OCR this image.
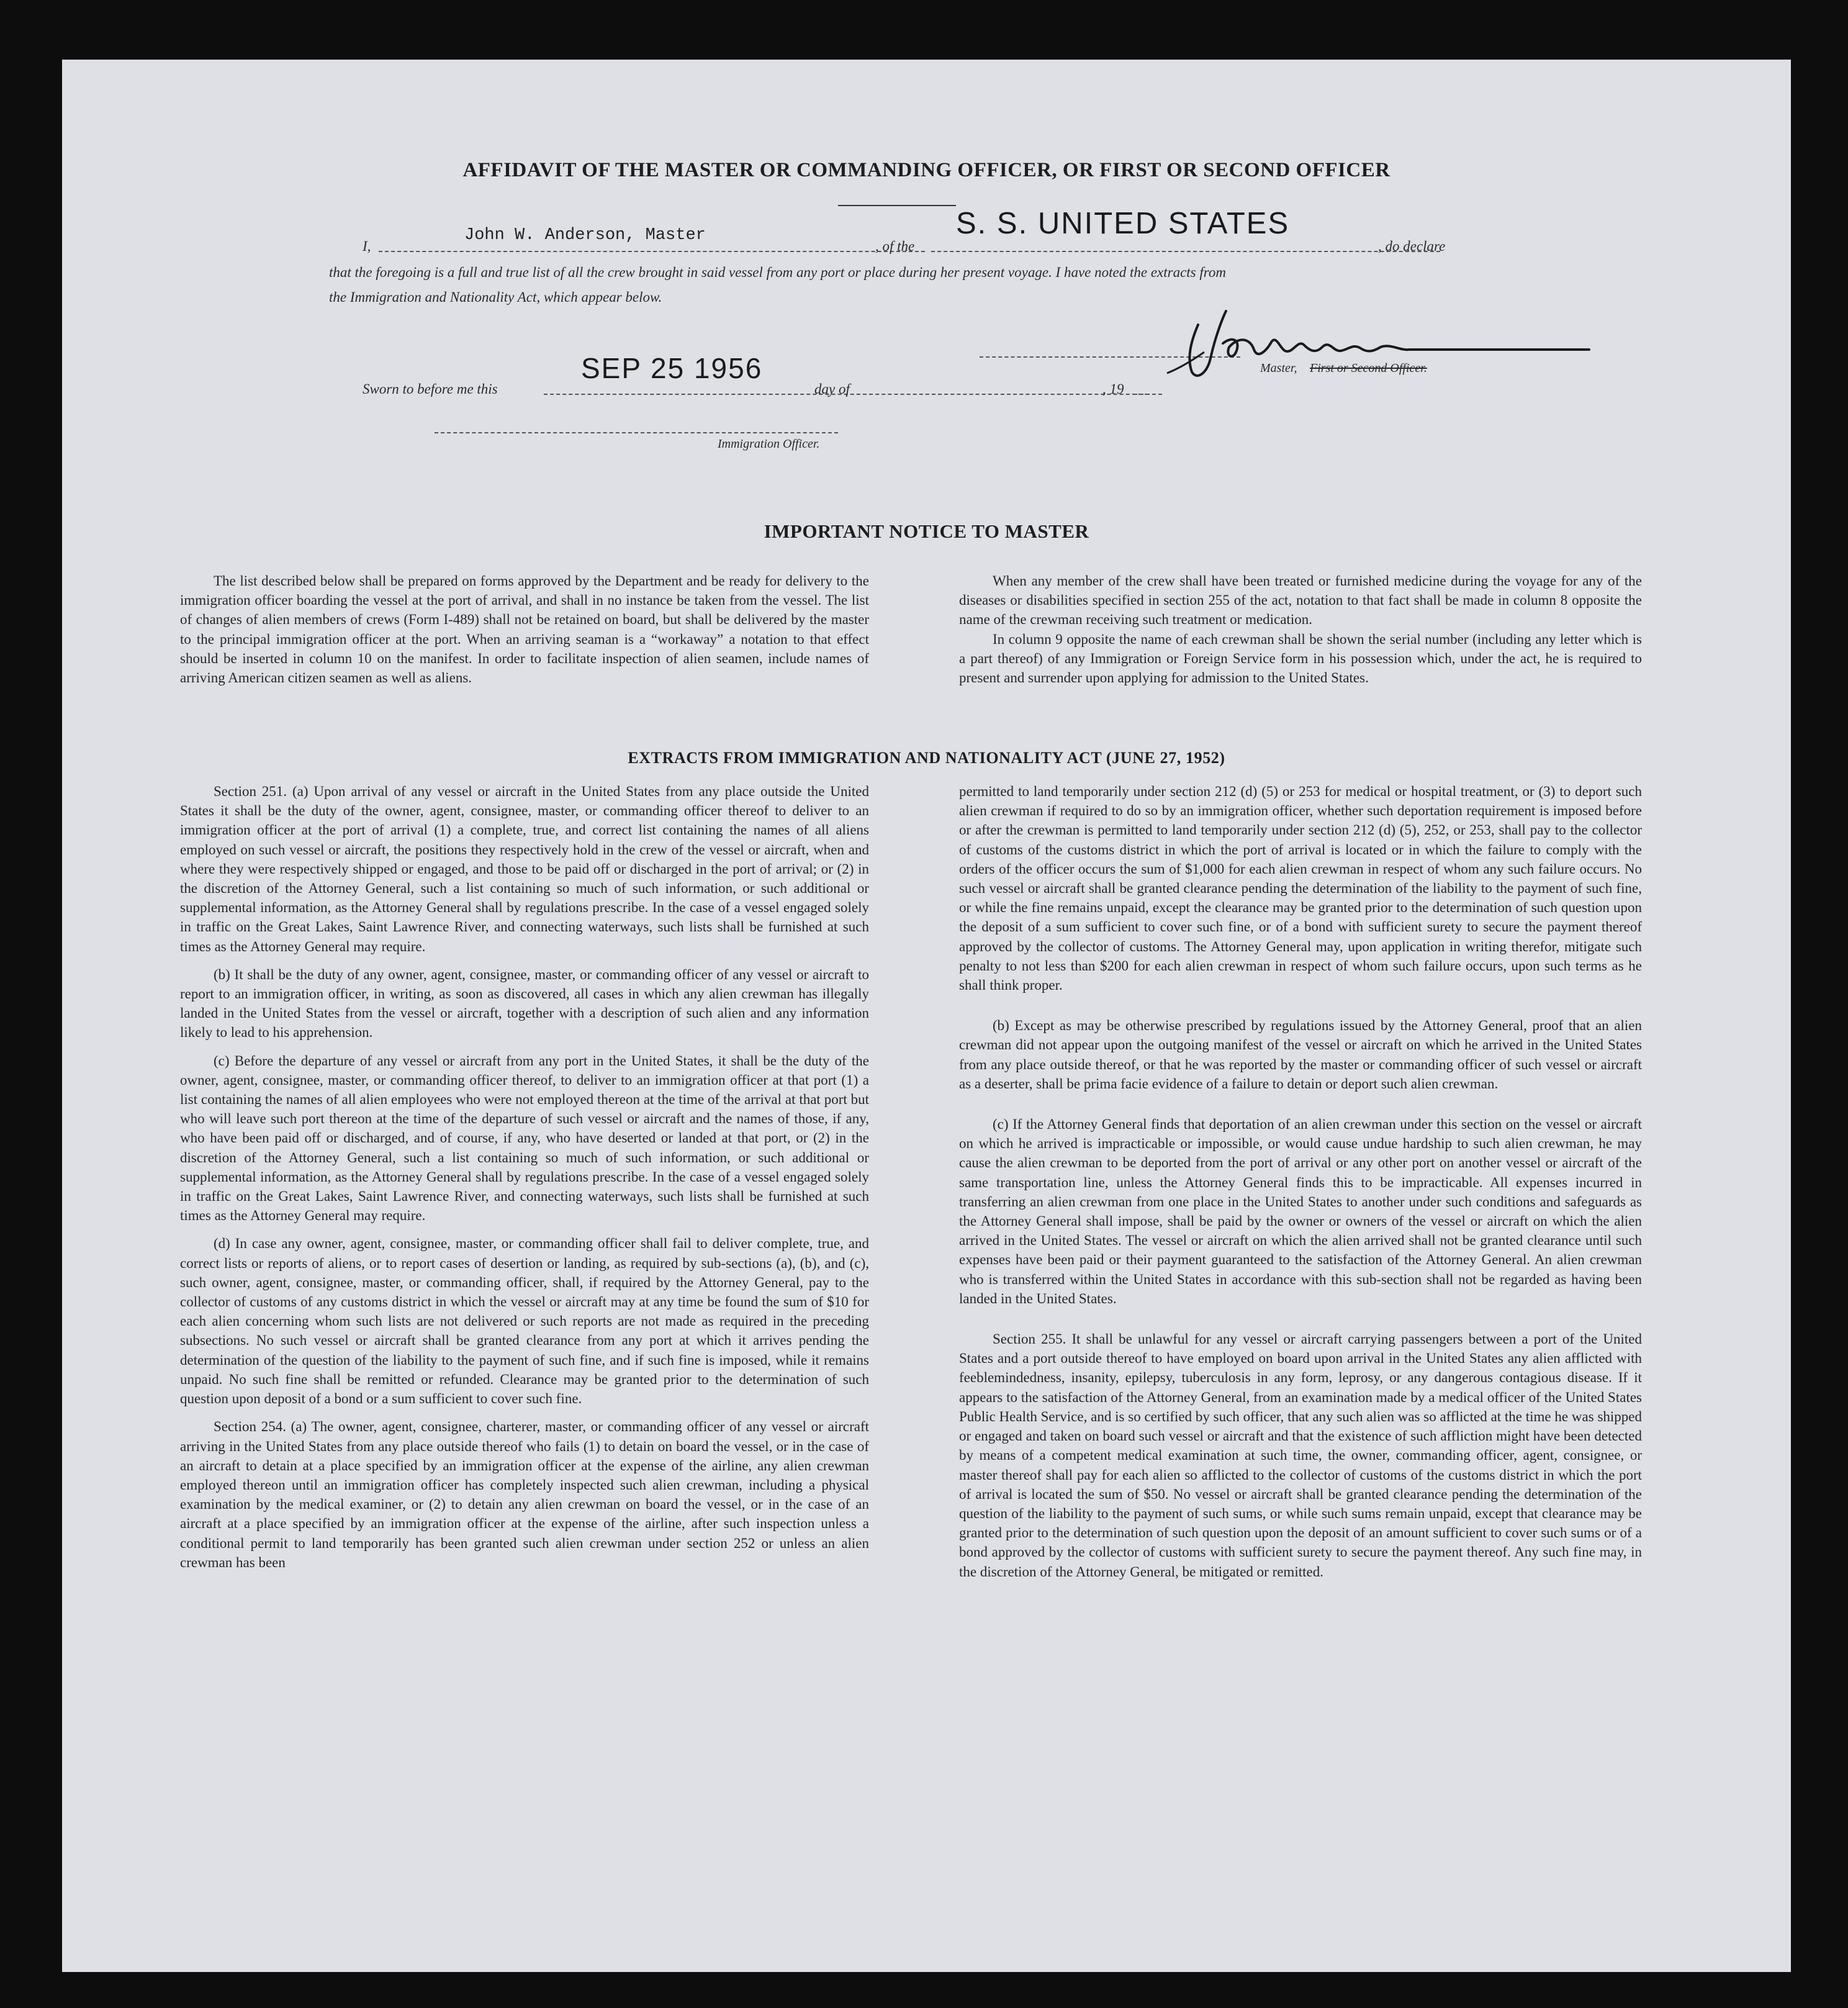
AFFIDAVIT OF THE MASTER OR COMMANDING OFFICER, OR FIRST OR SECOND OFFICER
I,
John W. Anderson, Master
, of the
S. S. UNITED STATES
, do declare
that the foregoing is a full and true list of all the crew brought in said vessel from any port or place during her present voyage. I have noted the extracts from
the Immigration and Nationality Act, which appear below.
Master, First or Second Officer.
Sworn to before me this
SEP 25 1956
day of	, 19
Immigration Officer.
IMPORTANT NOTICE TO MASTER

The list described below shall be prepared on forms approved by the Department and be ready for delivery to the immigration officer boarding the vessel at the port of arrival, and shall in no instance be taken from the vessel. The list of changes of alien members of crews (Form I-489) shall not be retained on board, but shall be delivered by the master to the principal immigration officer at the port. When an arriving seaman is a “workaway” a notation to that effect should be inserted in column 10 on the manifest. In order to facilitate inspection of alien seamen, include names of arriving American citizen seamen as well as aliens.

When any member of the crew shall have been treated or furnished medicine during the voyage for any of the diseases or disabilities specified in section 255 of the act, notation to that fact shall be made in column 8 opposite the name of the crewman receiving such treatment or medication.

In column 9 opposite the name of each crewman shall be shown the serial number (including any letter which is a part thereof) of any Immigration or Foreign Service form in his possession which, under the act, he is required to present and surrender upon applying for admission to the United States.

EXTRACTS FROM IMMIGRATION AND NATIONALITY ACT (JUNE 27, 1952)

Section 251. (a) Upon arrival of any vessel or aircraft in the United States from any place outside the United States it shall be the duty of the owner, agent, consignee, master, or commanding officer thereof to deliver to an immigration officer at the port of arrival (1) a complete, true, and correct list containing the names of all aliens employed on such vessel or aircraft, the positions they respectively hold in the crew of the vessel or aircraft, when and where they were respectively shipped or engaged, and those to be paid off or discharged in the port of arrival; or (2) in the discretion of the Attorney General, such a list containing so much of such information, or such additional or supplemental information, as the Attorney General shall by regulations prescribe. In the case of a vessel engaged solely in traffic on the Great Lakes, Saint Lawrence River, and connecting waterways, such lists shall be furnished at such times as the Attorney General may require.

(b) It shall be the duty of any owner, agent, consignee, master, or commanding officer of any vessel or aircraft to report to an immigration officer, in writing, as soon as discovered, all cases in which any alien crewman has illegally landed in the United States from the vessel or aircraft, together with a description of such alien and any information likely to lead to his apprehension.

(c) Before the departure of any vessel or aircraft from any port in the United States, it shall be the duty of the owner, agent, consignee, master, or commanding officer thereof, to deliver to an immigration officer at that port (1) a list containing the names of all alien employees who were not employed thereon at the time of the arrival at that port but who will leave such port thereon at the time of the departure of such vessel or aircraft and the names of those, if any, who have been paid off or discharged, and of course, if any, who have deserted or landed at that port, or (2) in the discretion of the Attorney General, such a list containing so much of such information, or such additional or supplemental information, as the Attorney General shall by regulations prescribe. In the case of a vessel engaged solely in traffic on the Great Lakes, Saint Lawrence River, and connecting waterways, such lists shall be furnished at such times as the Attorney General may require.

(d) In case any owner, agent, consignee, master, or commanding officer shall fail to deliver complete, true, and correct lists or reports of aliens, or to report cases of desertion or landing, as required by sub-sections (a), (b), and (c), such owner, agent, consignee, master, or commanding officer, shall, if required by the Attorney General, pay to the collector of customs of any customs district in which the vessel or aircraft may at any time be found the sum of $10 for each alien concerning whom such lists are not delivered or such reports are not made as required in the preceding subsections. No such vessel or aircraft shall be granted clearance from any port at which it arrives pending the determination of the question of the liability to the payment of such fine, and if such fine is imposed, while it remains unpaid. No such fine shall be remitted or refunded. Clearance may be granted prior to the determination of such question upon deposit of a bond or a sum sufficient to cover such fine.

Section 254. (a) The owner, agent, consignee, charterer, master, or commanding officer of any vessel or aircraft arriving in the United States from any place outside thereof who fails (1) to detain on board the vessel, or in the case of an aircraft to detain at a place specified by an immigration officer at the expense of the airline, any alien crewman employed thereon until an immigration officer has completely inspected such alien crewman, including a physical examination by the medical examiner, or (2) to detain any alien crewman on board the vessel, or in the case of an aircraft at a place specified by an immigration officer at the expense of the airline, after such inspection unless a conditional permit to land temporarily has been granted such alien crewman under section 252 or unless an alien crewman has been

permitted to land temporarily under section 212 (d) (5) or 253 for medical or hospital treatment, or (3) to deport such alien crewman if required to do so by an immigration officer, whether such deportation requirement is imposed before or after the crewman is permitted to land temporarily under section 212 (d) (5), 252, or 253, shall pay to the collector of customs of the customs district in which the port of arrival is located or in which the failure to comply with the orders of the officer occurs the sum of $1,000 for each alien crewman in respect of whom any such failure occurs. No such vessel or aircraft shall be granted clearance pending the determination of the liability to the payment of such fine, or while the fine remains unpaid, except the clearance may be granted prior to the determination of such question upon the deposit of a sum sufficient to cover such fine, or of a bond with sufficient surety to secure the payment thereof approved by the collector of customs. The Attorney General may, upon application in writing therefor, mitigate such penalty to not less than $200 for each alien crewman in respect of whom such failure occurs, upon such terms as he shall think proper.

(b) Except as may be otherwise prescribed by regulations issued by the Attorney General, proof that an alien crewman did not appear upon the outgoing manifest of the vessel or aircraft on which he arrived in the United States from any place outside thereof, or that he was reported by the master or commanding officer of such vessel or aircraft as a deserter, shall be prima facie evidence of a failure to detain or deport such alien crewman.

(c) If the Attorney General finds that deportation of an alien crewman under this section on the vessel or aircraft on which he arrived is impracticable or impossible, or would cause undue hardship to such alien crewman, he may cause the alien crewman to be deported from the port of arrival or any other port on another vessel or aircraft of the same transportation line, unless the Attorney General finds this to be impracticable. All expenses incurred in transferring an alien crewman from one place in the United States to another under such conditions and safeguards as the Attorney General shall impose, shall be paid by the owner or owners of the vessel or aircraft on which the alien arrived in the United States. The vessel or aircraft on which the alien arrived shall not be granted clearance until such expenses have been paid or their payment guaranteed to the satisfaction of the Attorney General. An alien crewman who is transferred within the United States in accordance with this sub-section shall not be regarded as having been landed in the United States.

Section 255. It shall be unlawful for any vessel or aircraft carrying passengers between a port of the United States and a port outside thereof to have employed on board upon arrival in the United States any alien afflicted with feeblemindedness, insanity, epilepsy, tuberculosis in any form, leprosy, or any dangerous contagious disease. If it appears to the satisfaction of the Attorney General, from an examination made by a medical officer of the United States Public Health Service, and is so certified by such officer, that any such alien was so afflicted at the time he was shipped or engaged and taken on board such vessel or aircraft and that the existence of such affliction might have been detected by means of a competent medical examination at such time, the owner, commanding officer, agent, consignee, or master thereof shall pay for each alien so afflicted to the collector of customs of the customs district in which the port of arrival is located the sum of $50. No vessel or aircraft shall be granted clearance pending the determination of the question of the liability to the payment of such sums, or while such sums remain unpaid, except that clearance may be granted prior to the determination of such question upon the deposit of an amount sufficient to cover such sums or of a bond approved by the collector of customs with sufficient surety to secure the payment thereof. Any such fine may, in the discretion of the Attorney General, be mitigated or remitted.
